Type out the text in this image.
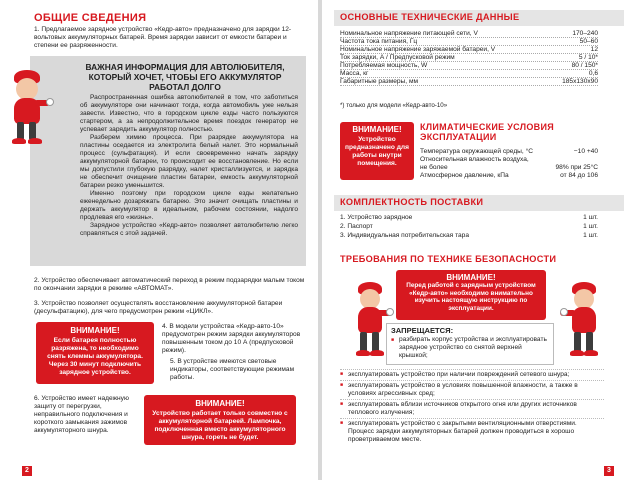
ОБЩИЕ СВЕДЕНИЯ
1. Предлагаемое зарядное устройство «Кедр-авто» предназначено для зарядки 12-вольтовых аккумуляторных батарей. Время зарядки зависит от емкости батареи и степени ее разряженности.
ВАЖНАЯ ИНФОРМАЦИЯ ДЛЯ АВТОЛЮБИТЕЛЯ, КОТОРЫЙ ХОЧЕТ, ЧТОБЫ ЕГО АККУМУЛЯТОР РАБОТАЛ ДОЛГО

Распространенная ошибка автолюбителей в том, что заботиться об аккумуляторе они начинают тогда, когда автомобиль уже нельзя завести. Известно, что в городском цикле езды часто пользуются стартером, а за непродолжительное время поездок генератор не успевает зарядить аккумулятор полностью.

Разберем химию процесса. При разрядке аккумулятора на пластины оседается из электролита белый налет. Это нормальный процесс (сульфатация). И если своевременно начать зарядку аккумуляторной батареи, то происходит ее восстановление. Но если мы допустили глубокую разрядку, налет кристаллизуется, и зарядка не обеспечит очищение пластин батареи, емкость аккумуляторной батареи резко уменьшится.

Именно поэтому при городском цикле езды желательно еженедельно дозаряжать батарею. Это значит очищать пластины и держать аккумулятор в идеальном, рабочем состоянии, надолго продлевая его «жизнь».

Зарядное устройство «Кедр-авто» позволяет автолюбителю легко справляться с этой задачей.

2. Устройство обеспечивает автоматический переход в режим подзарядки малым током по окончании зарядки в режиме «АВТОМАТ».
3. Устройство позволяет осуществлять восстановление аккумуляторной батареи (десульфатацию), для чего предусмотрен режим «ЦИКЛ».
ВНИМАНИЕ!
Если батарея полностью разряжена, то необходимо снять клеммы аккумулятора. Через 30 минут подключить зарядное устройство.
4. В модели устройства «Кедр-авто-10» предусмотрен режим зарядки аккумуляторов повышенным током до 10 А (предпусковой режим).
5. В устройстве имеются световые индикаторы, соответствующие режимам работы.
6. Устройство имеет надежную защиту от перегрузки, неправильного подключения и короткого замыкания зажимов аккумуляторного шнура.
ВНИМАНИЕ!
Устройство работает только совместно с аккумуляторной батареей. Лампочка, подключенная вместо аккумуляторного шнура, гореть не будет.
2
ОСНОВНЫЕ ТЕХНИЧЕСКИЕ ДАННЫЕ
Номинальное напряжение питающей сети, V	170–240
Частота тока питания, Гц	50–60
Номинальное напряжение заряжаемой батареи, V	12
Ток зарядки, А / Предпусковой режим	5 / 10*
Потребляемая мощность, W	80 / 150*
Масса, кг	0,6
Габаритные размеры, мм	185х130х90
*) только для модели «Кедр-авто-10»
ВНИМАНИЕ!
Устройство предназначено для работы внутри помещения.
КЛИМАТИЧЕСКИЕ УСЛОВИЯ ЭКСПЛУАТАЦИИ
Температура окружающей среды, °С	−10 +40
Относительная влажность воздуха,
не более	98% при 25°С
Атмосферное давление, кПа	от 84 до 106
КОМПЛЕКТНОСТЬ ПОСТАВКИ
1. Устройство зарядное	1 шт.
2. Паспорт	1 шт.
3. Индивидуальная потребительская тара	1 шт.
ТРЕБОВАНИЯ ПО ТЕХНИКЕ БЕЗОПАСНОСТИ
ВНИМАНИЕ!
Перед работой с зарядным устройством «Кедр-авто» необходимо внимательно изучить настоящую инструкцию по эксплуатации.
ЗАПРЕЩАЕТСЯ:
■ разбирать корпус устройства и эксплуатировать зарядное устройство со снятой верхней крышкой;
■ эксплуатировать устройство при наличии повреждений сетевого шнура;
■ эксплуатировать устройство в условиях повышенной влажности, а также в условиях агрессивных сред;
■ эксплуатировать вблизи источников открытого огня или других источников теплового излучения;
■ эксплуатировать устройство с закрытыми вентиляционными отверстиями. Процесс зарядки аккумуляторных батарей должен проводиться в хорошо проветриваемом месте.
3
